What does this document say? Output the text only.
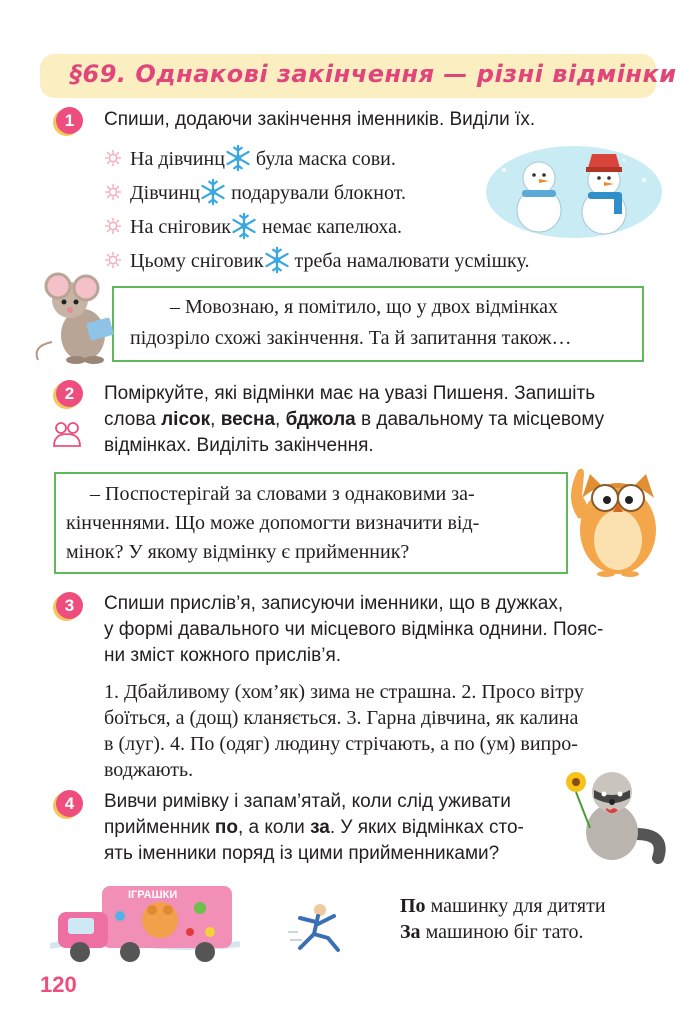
§69. Однакові закінчення — різні відмінки
1	Спиши, додаючи закінчення іменників. Виділи їх.
На дівчинц була маска сови.
Дівчинц подарували блокнот.
На сніговик немає капелюха.
Цьому сніговик треба намалювати усмішку.
– Мовознаю, я помітило, що у двох відмінках
підозріло схожі закінчення. Та й запитання також…
2	Поміркуйте, які відмінки має на увазі Пишеня. Запишіть
слова лісок, весна, бджола в давальному та місцевому
відмінках. Виділіть закінчення.
– Поспостерігай за словами з однаковими за-
кінченнями. Що може допомогти визначити від-
мінок? У якому відмінку є прийменник?
3	Спиши прислів’я, записуючи іменники, що в дужках,
у формі давального чи місцевого відмінка однини. Пояс-
ни зміст кожного прислів’я.
1. Дбайливому (хом’як) зима не страшна. 2. Просо вітру
боїться, а (дощ) кланяється. 3. Гарна дівчина, як калина
в (луг). 4. По (одяг) людину стрічають, а по (ум) випро-
воджають.
4	Вивчи римівку і запам’ятай, коли слід уживати
прийменник по, а коли за. У яких відмінках сто-
ять іменники поряд із цими прийменниками?
ІГРАШКИ	По машинку для дитяти
За машиною біг тато.
120
